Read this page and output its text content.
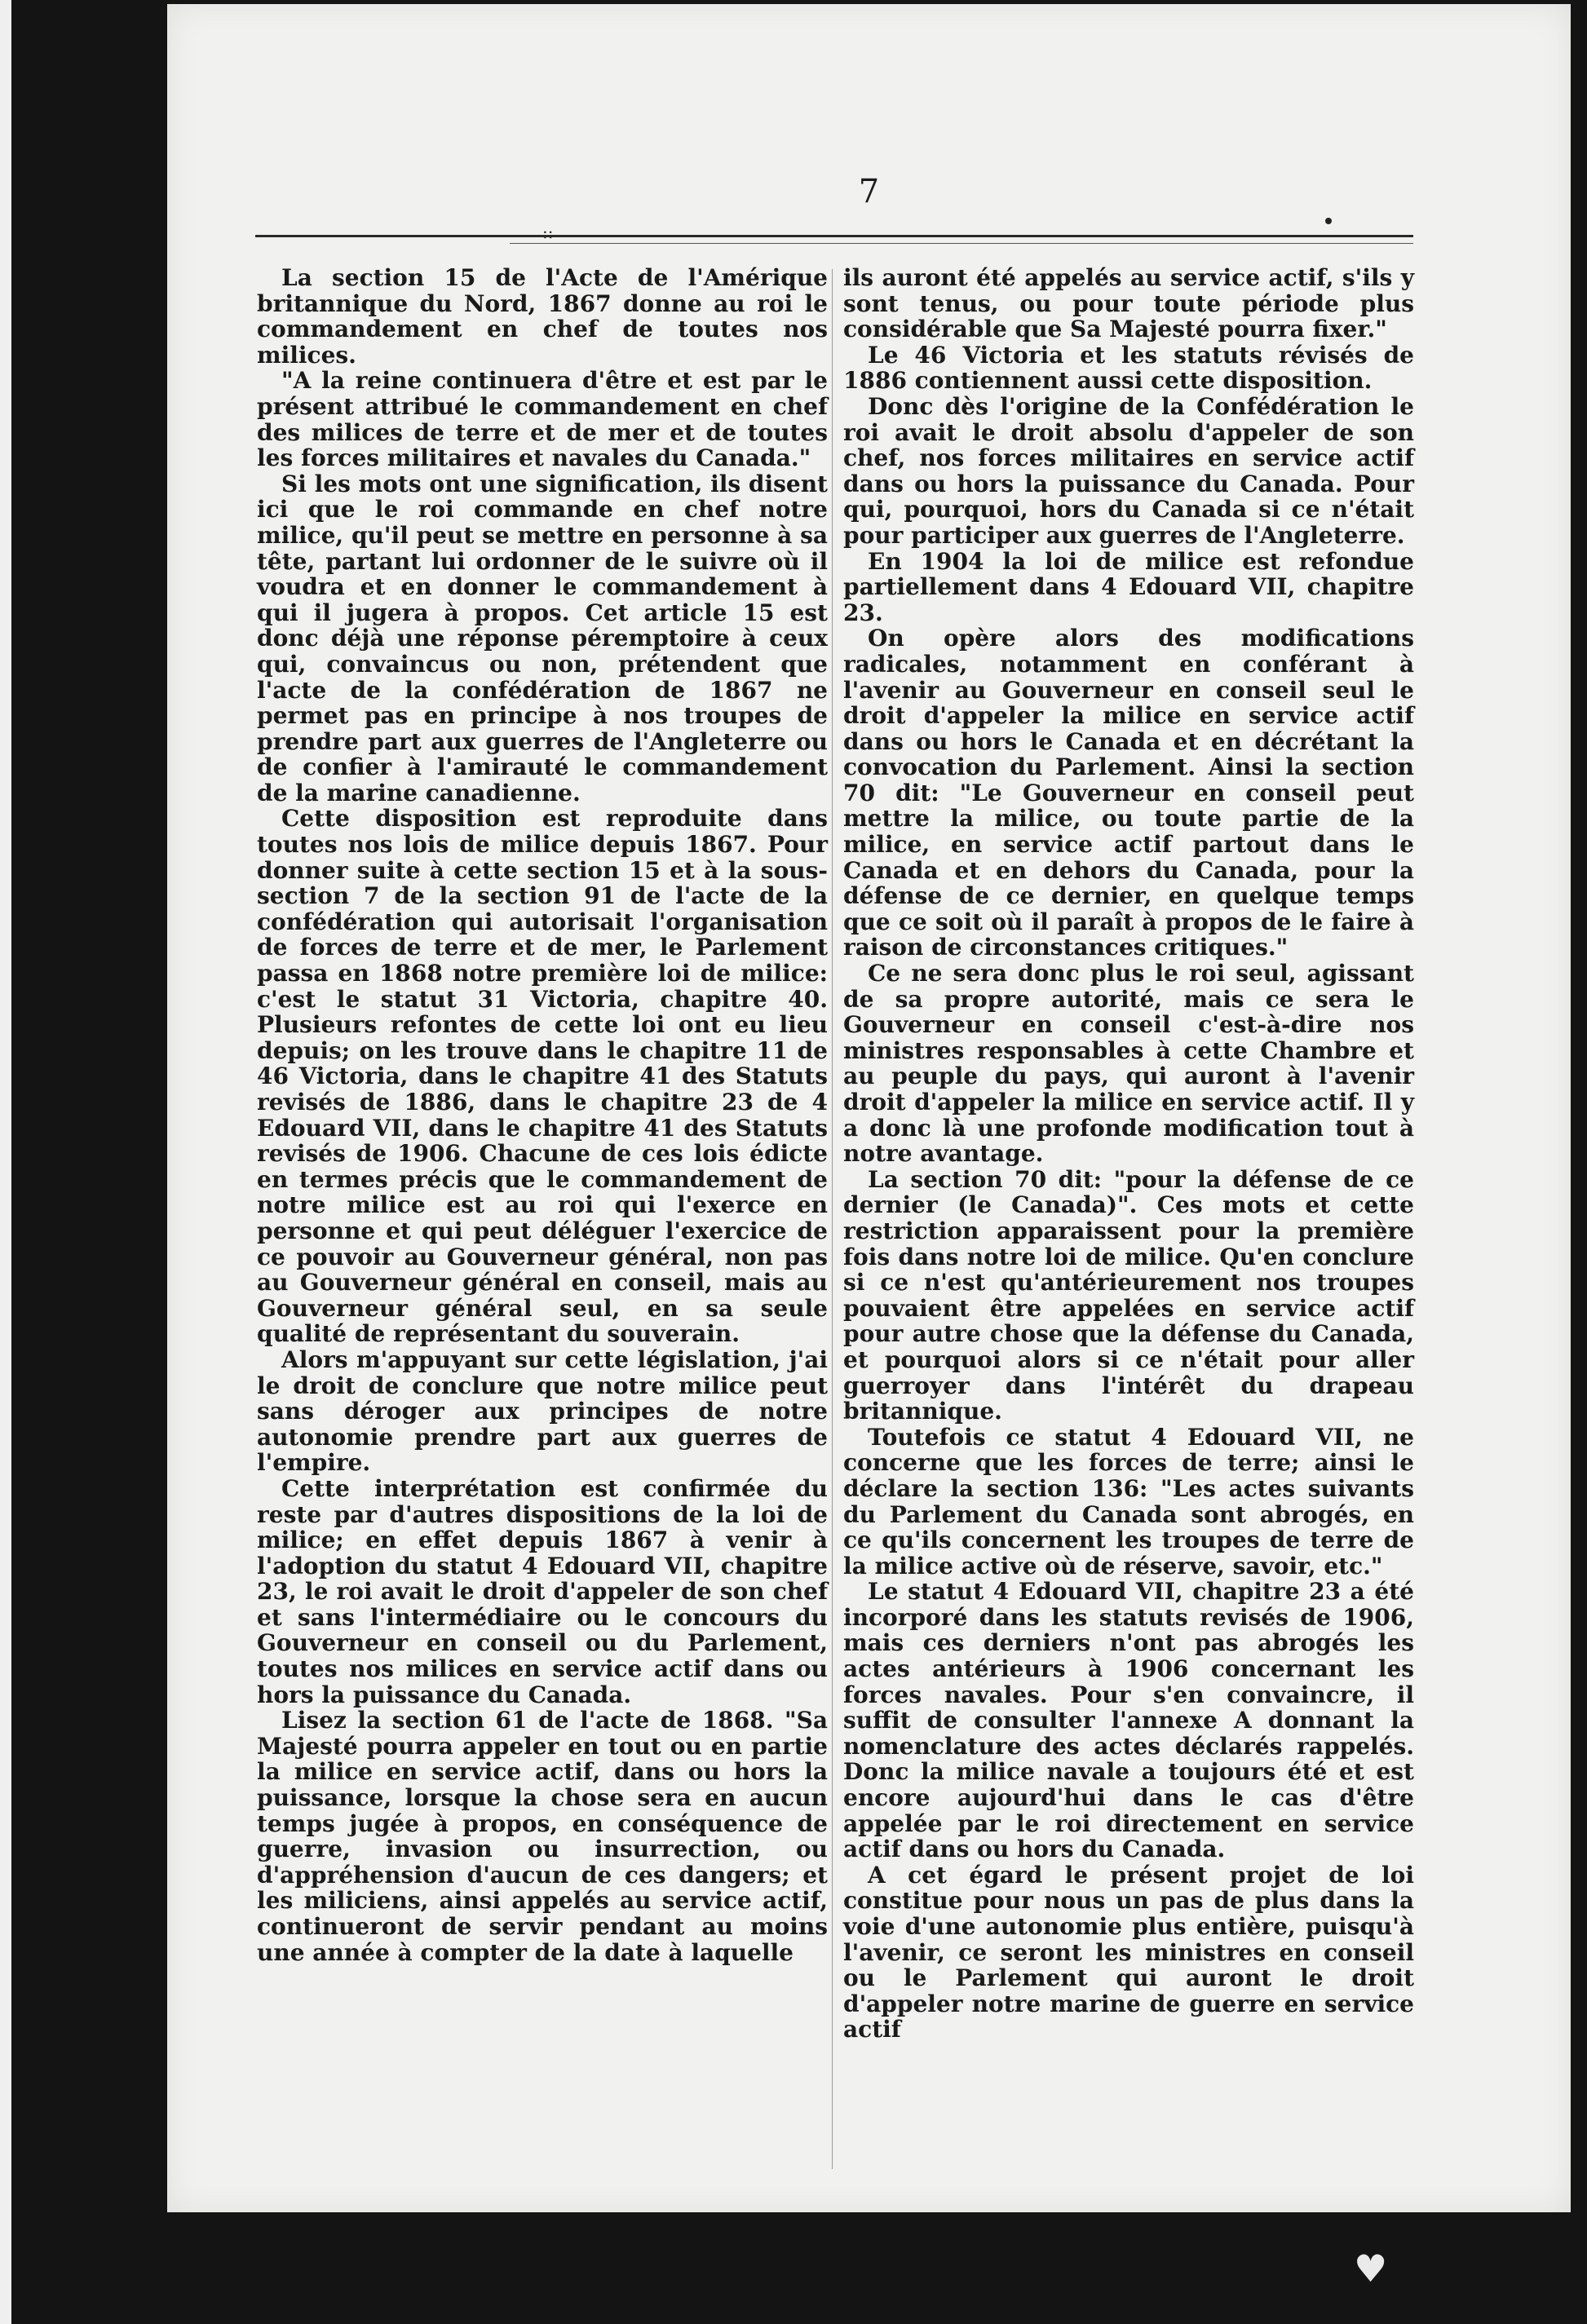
7
::

La section 15 de l'Acte de l'Amérique britannique du Nord, 1867 donne au roi le commandement en chef de toutes nos milices.

"A la reine continuera d'être et est par le présent attribué le commandement en chef des milices de terre et de mer et de toutes les forces militaires et navales du Canada."

Si les mots ont une signification, ils disent ici que le roi commande en chef notre milice, qu'il peut se mettre en personne à sa tête, partant lui ordonner de le suivre où il voudra et en donner le commandement à qui il jugera à propos. Cet article 15 est donc déjà une réponse péremptoire à ceux qui, convaincus ou non, prétendent que l'acte de la confédération de 1867 ne permet pas en principe à nos troupes de prendre part aux guerres de l'Angleterre ou de confier à l'amirauté le commandement de la marine canadienne.

Cette disposition est reproduite dans toutes nos lois de milice depuis 1867. Pour donner suite à cette section 15 et à la sous-section 7 de la section 91 de l'acte de la confédération qui autorisait l'organisation de forces de terre et de mer, le Parlement passa en 1868 notre première loi de milice: c'est le statut 31 Victoria, chapitre 40. Plusieurs refontes de cette loi ont eu lieu depuis; on les trouve dans le chapitre 11 de 46 Victoria, dans le chapitre 41 des Statuts revisés de 1886, dans le chapitre 23 de 4 Edouard VII, dans le chapitre 41 des Statuts revisés de 1906. Chacune de ces lois édicte en termes précis que le commandement de notre milice est au roi qui l'exerce en personne et qui peut déléguer l'exercice de ce pouvoir au Gouverneur général, non pas au Gouverneur général en conseil, mais au Gouverneur général seul, en sa seule qualité de représentant du souverain.

Alors m'appuyant sur cette législation, j'ai le droit de conclure que notre milice peut sans déroger aux principes de notre autonomie prendre part aux guerres de l'empire.

Cette interprétation est confirmée du reste par d'autres dispositions de la loi de milice; en effet depuis 1867 à venir à l'adoption du statut 4 Edouard VII, chapitre 23, le roi avait le droit d'appeler de son chef et sans l'intermédiaire ou le concours du Gouverneur en conseil ou du Parlement, toutes nos milices en service actif dans ou hors la puissance du Canada.

Lisez la section 61 de l'acte de 1868. "Sa Majesté pourra appeler en tout ou en partie la milice en service actif, dans ou hors la puissance, lorsque la chose sera en aucun temps jugée à propos, en conséquence de guerre, invasion ou insurrection, ou d'appréhension d'aucun de ces dangers; et les miliciens, ainsi appelés au service actif, continueront de servir pendant au moins une année à compter de la date à laquelle

ils auront été appelés au service actif, s'ils y sont tenus, ou pour toute période plus considérable que Sa Majesté pourra fixer."

Le 46 Victoria et les statuts révisés de 1886 contiennent aussi cette disposition.

Donc dès l'origine de la Confédération le roi avait le droit absolu d'appeler de son chef, nos forces militaires en service actif dans ou hors la puissance du Canada. Pour qui, pourquoi, hors du Canada si ce n'était pour participer aux guerres de l'Angleterre.

En 1904 la loi de milice est refondue partiellement dans 4 Edouard VII, chapitre 23.

On opère alors des modifications radicales, notamment en conférant à l'avenir au Gouverneur en conseil seul le droit d'appeler la milice en service actif dans ou hors le Canada et en décrétant la convocation du Parlement. Ainsi la section 70 dit: "Le Gouverneur en conseil peut mettre la milice, ou toute partie de la milice, en service actif partout dans le Canada et en dehors du Canada, pour la défense de ce dernier, en quelque temps que ce soit où il paraît à propos de le faire à raison de circonstances critiques."

Ce ne sera donc plus le roi seul, agissant de sa propre autorité, mais ce sera le Gouverneur en conseil c'est-à-dire nos ministres responsables à cette Chambre et au peuple du pays, qui auront à l'avenir droit d'appeler la milice en service actif. Il y a donc là une profonde modification tout à notre avantage.

La section 70 dit: "pour la défense de ce dernier (le Canada)". Ces mots et cette restriction apparaissent pour la première fois dans notre loi de milice. Qu'en conclure si ce n'est qu'antérieurement nos troupes pouvaient être appelées en service actif pour autre chose que la défense du Canada, et pourquoi alors si ce n'était pour aller guerroyer dans l'intérêt du drapeau britannique.

Toutefois ce statut 4 Edouard VII, ne concerne que les forces de terre; ainsi le déclare la section 136: "Les actes suivants du Parlement du Canada sont abrogés, en ce qu'ils concernent les troupes de terre de la milice active où de réserve, savoir, etc."

Le statut 4 Edouard VII, chapitre 23 a été incorporé dans les statuts revisés de 1906, mais ces derniers n'ont pas abrogés les actes antérieurs à 1906 concernant les forces navales. Pour s'en convaincre, il suffit de consulter l'annexe A donnant la nomenclature des actes déclarés rappelés. Donc la milice navale a toujours été et est encore aujourd'hui dans le cas d'être appelée par le roi directement en service actif dans ou hors du Canada.

A cet égard le présent projet de loi constitue pour nous un pas de plus dans la voie d'une autonomie plus entière, puisqu'à l'avenir, ce seront les ministres en conseil ou le Parlement qui auront le droit d'appeler notre marine de guerre en service actif

♥
